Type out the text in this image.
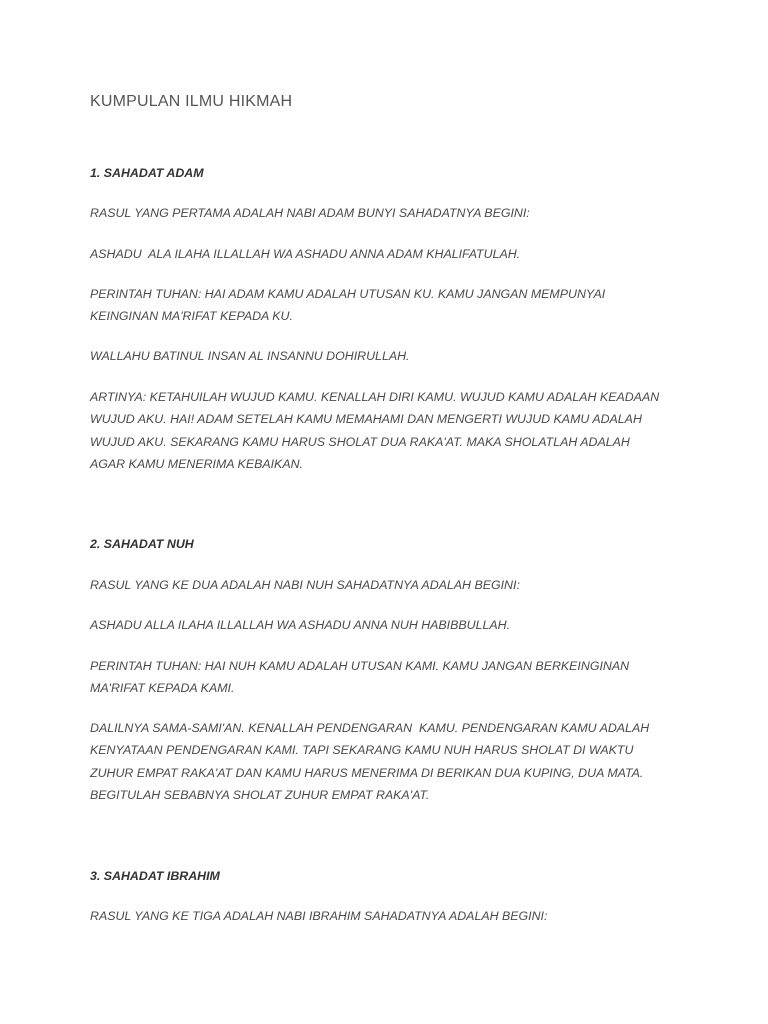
KUMPULAN ILMU HIKMAH

1. SAHADAT ADAM

RASUL YANG PERTAMA ADALAH NABI ADAM BUNYI SAHADATNYA BEGINI:

ASHADU  ALA ILAHA ILLALLAH WA ASHADU ANNA ADAM KHALIFATULAH.

PERINTAH TUHAN: HAI ADAM KAMU ADALAH UTUSAN KU. KAMU JANGAN MEMPUNYAI
KEINGINAN MA'RIFAT KEPADA KU.

WALLAHU BATINUL INSAN AL INSANNU DOHIRULLAH.

ARTINYA: KETAHUILAH WUJUD KAMU. KENALLAH DIRI KAMU. WUJUD KAMU ADALAH KEADAAN
WUJUD AKU. HAI! ADAM SETELAH KAMU MEMAHAMI DAN MENGERTI WUJUD KAMU ADALAH
WUJUD AKU. SEKARANG KAMU HARUS SHOLAT DUA RAKA'AT. MAKA SHOLATLAH ADALAH
AGAR KAMU MENERIMA KEBAIKAN.

2. SAHADAT NUH

RASUL YANG KE DUA ADALAH NABI NUH SAHADATNYA ADALAH BEGINI:

ASHADU ALLA ILAHA ILLALLAH WA ASHADU ANNA NUH HABIBBULLAH.

PERINTAH TUHAN: HAI NUH KAMU ADALAH UTUSAN KAMI. KAMU JANGAN BERKEINGINAN
MA'RIFAT KEPADA KAMI.

DALILNYA SAMA-SAMI'AN. KENALLAH PENDENGARAN  KAMU. PENDENGARAN KAMU ADALAH
KENYATAAN PENDENGARAN KAMI. TAPI SEKARANG KAMU NUH HARUS SHOLAT DI WAKTU
ZUHUR EMPAT RAKA'AT DAN KAMU HARUS MENERIMA DI BERIKAN DUA KUPING, DUA MATA.
BEGITULAH SEBABNYA SHOLAT ZUHUR EMPAT RAKA'AT.

3. SAHADAT IBRAHIM

RASUL YANG KE TIGA ADALAH NABI IBRAHIM SAHADATNYA ADALAH BEGINI:
